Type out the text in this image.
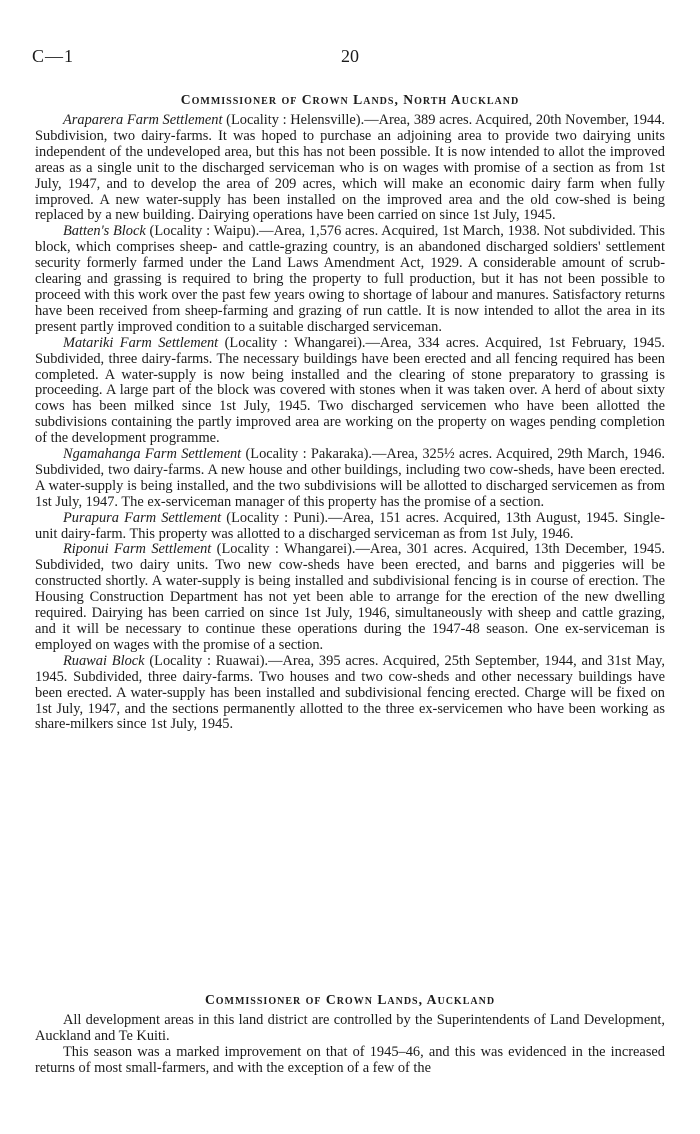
C—1	20
Commissioner of Crown Lands, North Auckland

Araparera Farm Settlement (Locality : Helensville).—Area, 389 acres. Acquired, 20th November, 1944. Subdivision, two dairy-farms. It was hoped to purchase an adjoining area to provide two dairying units independent of the undeveloped area, but this has not been possible. It is now intended to allot the improved areas as a single unit to the discharged serviceman who is on wages with promise of a section as from 1st July, 1947, and to develop the area of 209 acres, which will make an economic dairy farm when fully improved. A new water-supply has been installed on the improved area and the old cow-shed is being replaced by a new building. Dairying operations have been carried on since 1st July, 1945.

Batten's Block (Locality : Waipu).—Area, 1,576 acres. Acquired, 1st March, 1938. Not subdivided. This block, which comprises sheep- and cattle-grazing country, is an abandoned discharged soldiers' settlement security formerly farmed under the Land Laws Amendment Act, 1929. A considerable amount of scrub-clearing and grassing is required to bring the property to full production, but it has not been possible to proceed with this work over the past few years owing to shortage of labour and manures. Satisfactory returns have been received from sheep-farming and grazing of run cattle. It is now intended to allot the area in its present partly improved condition to a suitable discharged serviceman.

Matariki Farm Settlement (Locality : Whangarei).—Area, 334 acres. Acquired, 1st February, 1945. Subdivided, three dairy-farms. The necessary buildings have been erected and all fencing required has been completed. A water-supply is now being installed and the clearing of stone preparatory to grassing is proceeding. A large part of the block was covered with stones when it was taken over. A herd of about sixty cows has been milked since 1st July, 1945. Two discharged servicemen who have been allotted the subdivisions containing the partly improved area are working on the property on wages pending completion of the development programme.

Ngamahanga Farm Settlement (Locality : Pakaraka).—Area, 325½ acres. Acquired, 29th March, 1946. Subdivided, two dairy-farms. A new house and other buildings, including two cow-sheds, have been erected. A water-supply is being installed, and the two subdivisions will be allotted to discharged servicemen as from 1st July, 1947. The ex-serviceman manager of this property has the promise of a section.

Purapura Farm Settlement (Locality : Puni).—Area, 151 acres. Acquired, 13th August, 1945. Single-unit dairy-farm. This property was allotted to a discharged serviceman as from 1st July, 1946.

Riponui Farm Settlement (Locality : Whangarei).—Area, 301 acres. Acquired, 13th December, 1945. Subdivided, two dairy units. Two new cow-sheds have been erected, and barns and piggeries will be constructed shortly. A water-supply is being installed and subdivisional fencing is in course of erection. The Housing Construction Department has not yet been able to arrange for the erection of the new dwelling required. Dairying has been carried on since 1st July, 1946, simultaneously with sheep and cattle grazing, and it will be necessary to continue these operations during the 1947-48 season. One ex-serviceman is employed on wages with the promise of a section.

Ruawai Block (Locality : Ruawai).—Area, 395 acres. Acquired, 25th September, 1944, and 31st May, 1945. Subdivided, three dairy-farms. Two houses and two cow-sheds and other necessary buildings have been erected. A water-supply has been installed and subdivisional fencing erected. Charge will be fixed on 1st July, 1947, and the sections permanently allotted to the three ex-servicemen who have been working as share-milkers since 1st July, 1945.

Commissioner of Crown Lands, Auckland

All development areas in this land district are controlled by the Superintendents of Land Development, Auckland and Te Kuiti.

This season was a marked improvement on that of 1945–46, and this was evidenced in the increased returns of most small-farmers, and with the exception of a few of the
